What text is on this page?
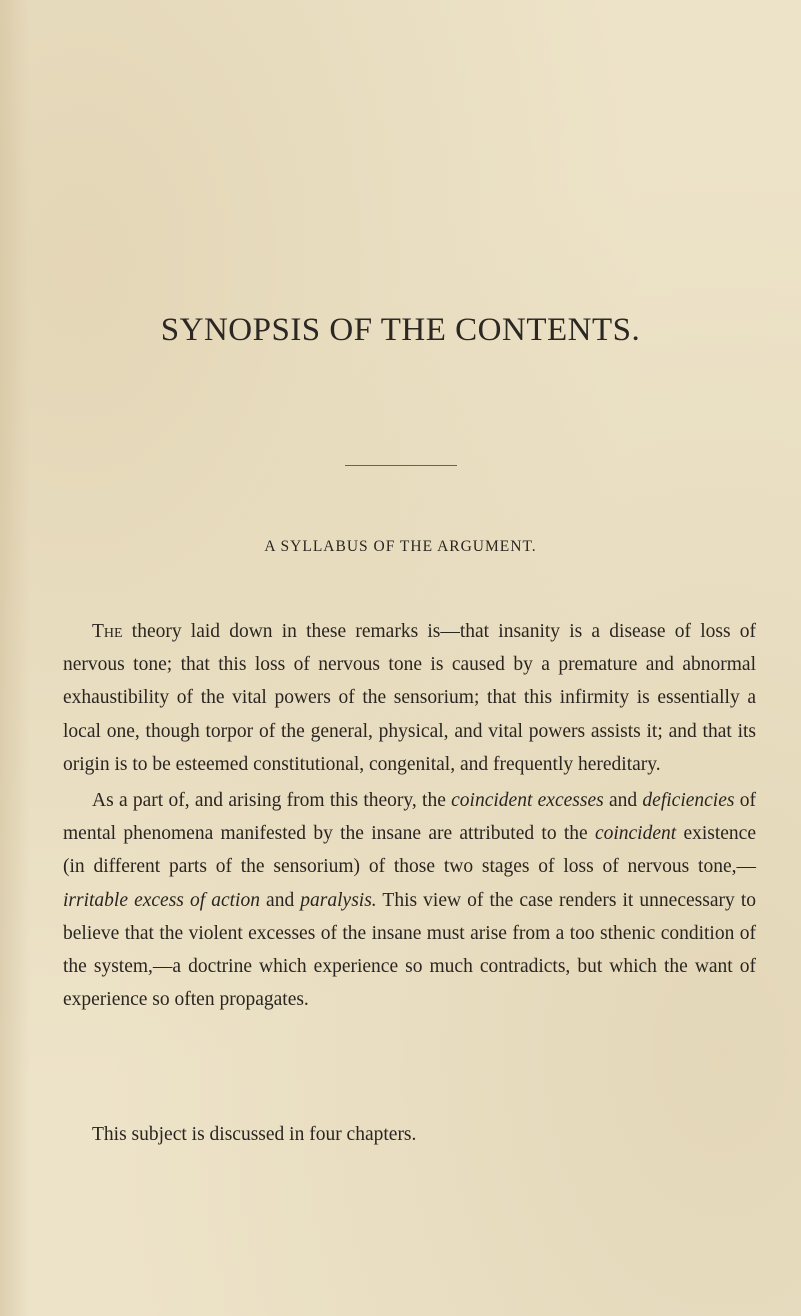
SYNOPSIS OF THE CONTENTS.
A SYLLABUS OF THE ARGUMENT.

The theory laid down in these remarks is—that insanity is a disease of loss of nervous tone; that this loss of nervous tone is caused by a premature and abnormal exhaustibility of the vital powers of the sensorium; that this infirmity is essentially a local one, though torpor of the general, physical, and vital powers assists it; and that its origin is to be esteemed constitutional, congenital, and frequently hereditary.

As a part of, and arising from this theory, the coincident excesses and deficiencies of mental phenomena manifested by the insane are attributed to the coincident existence (in different parts of the sensorium) of those two stages of loss of nervous tone,—irritable excess of action and paralysis. This view of the case renders it unnecessary to believe that the violent excesses of the insane must arise from a too sthenic condition of the system,—a doctrine which experience so much contradicts, but which the want of experience so often propagates.

This subject is discussed in four chapters.
